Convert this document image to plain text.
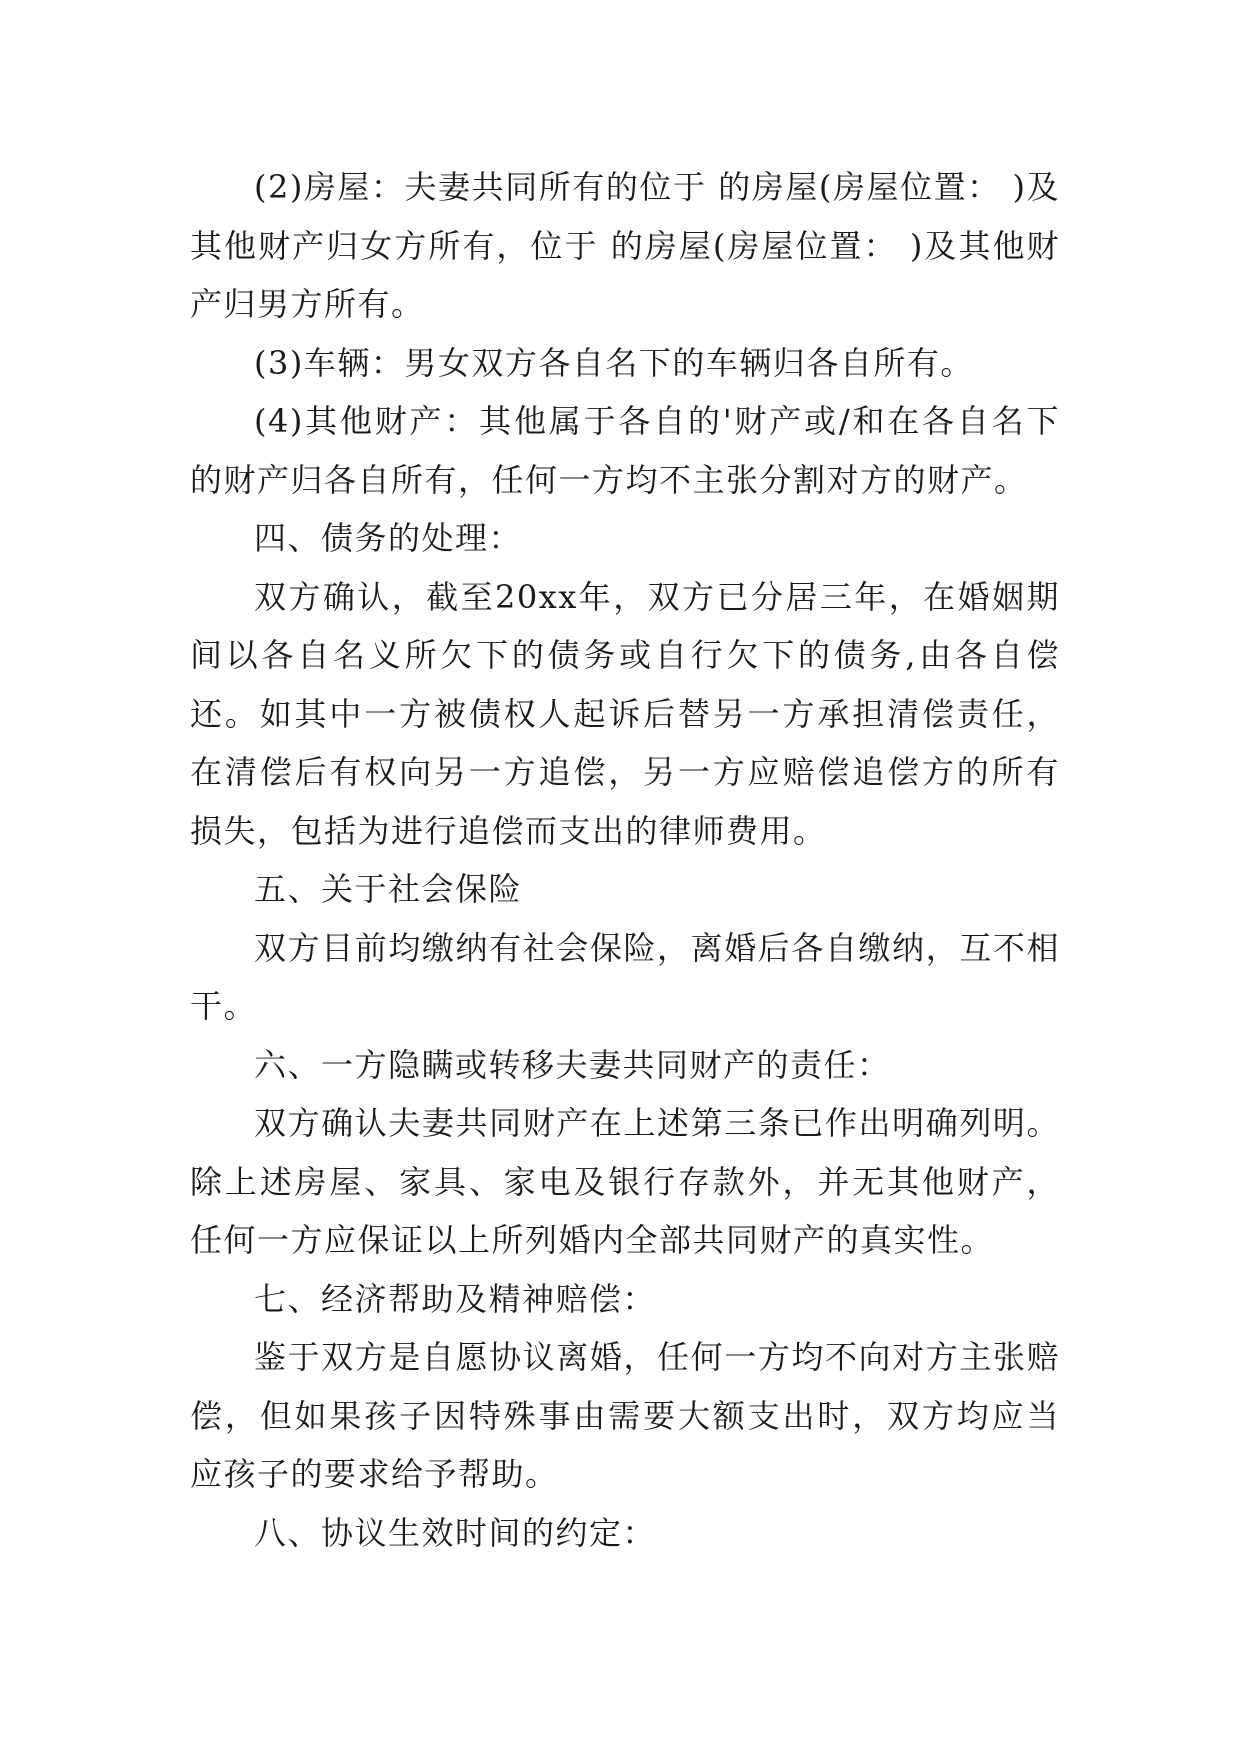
(2)房屋：夫妻共同所有的位于 的房屋(房屋位置： )及其他财产归女方所有，位于 的房屋(房屋位置： )及其他财产归男方所有。

(3)车辆：男女双方各自名下的车辆归各自所有。

(4)其他财产：其他属于各自的'财产或/和在各自名下的财产归各自所有，任何一方均不主张分割对方的财产。

四、债务的处理：

双方确认，截至20xx年，双方已分居三年，在婚姻期间以各自名义所欠下的债务或自行欠下的债务,由各自偿还。如其中一方被债权人起诉后替另一方承担清偿责任，在清偿后有权向另一方追偿，另一方应赔偿追偿方的所有损失，包括为进行追偿而支出的律师费用。

五、关于社会保险

双方目前均缴纳有社会保险，离婚后各自缴纳，互不相干。

六、一方隐瞒或转移夫妻共同财产的责任：

双方确认夫妻共同财产在上述第三条已作出明确列明。除上述房屋、家具、家电及银行存款外，并无其他财产，任何一方应保证以上所列婚内全部共同财产的真实性。

七、经济帮助及精神赔偿：

鉴于双方是自愿协议离婚，任何一方均不向对方主张赔偿，但如果孩子因特殊事由需要大额支出时，双方均应当应孩子的要求给予帮助。

八、协议生效时间的约定：
